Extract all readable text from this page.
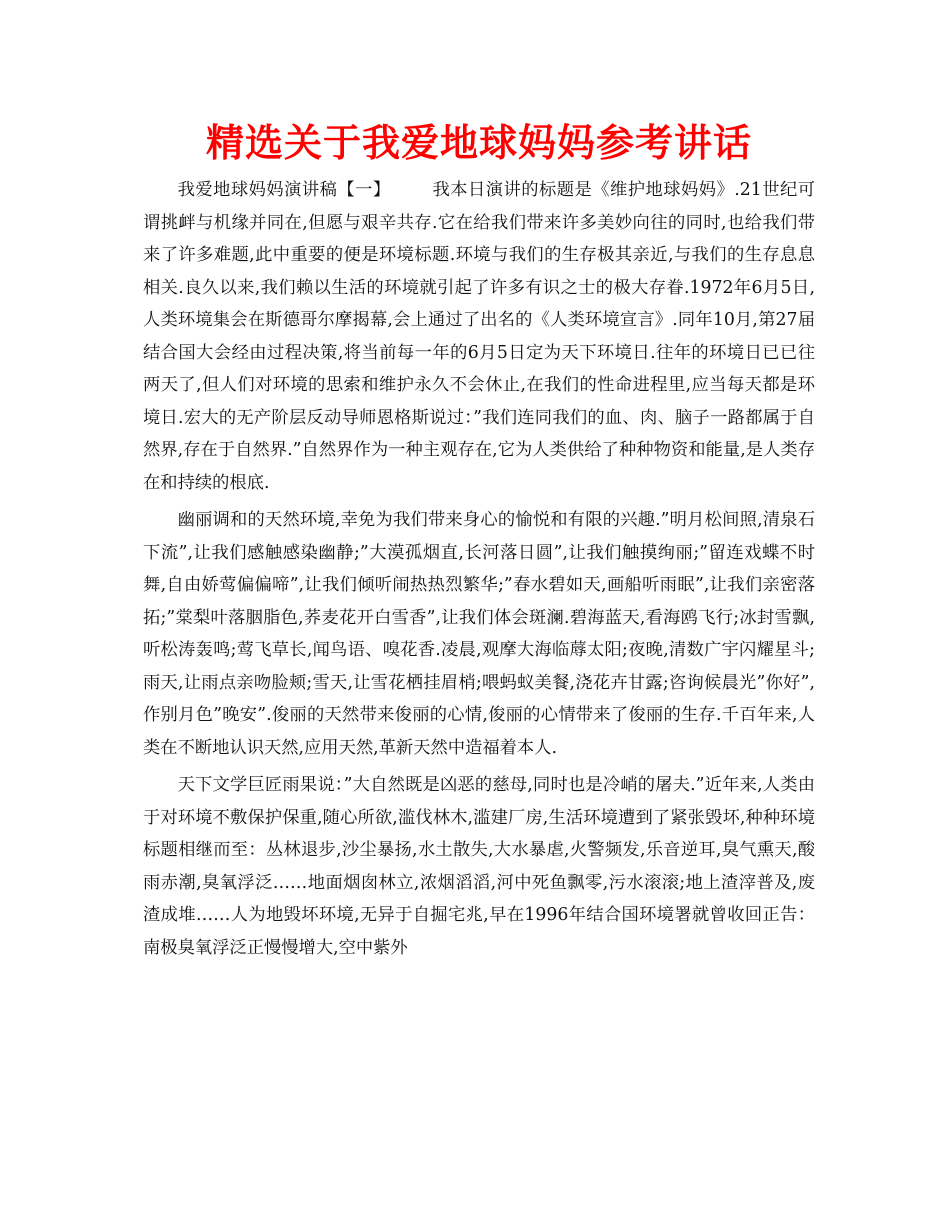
精选关于我爱地球妈妈参考讲话

我爱地球妈妈演讲稿【一】 我本日演讲的标题是《维护地球妈妈》.21世纪可谓挑衅与机缘并同在,但愿与艰辛共存.它在给我们带来许多美妙向往的同时,也给我们带来了许多难题,此中重要的便是环境标题.环境与我们的生存极其亲近,与我们的生存息息相关.良久以来,我们赖以生活的环境就引起了许多有识之士的极大存眷.1972年6月5日,人类环境集会在斯德哥尔摩揭幕,会上通过了出名的《人类环境宣言》.同年10月,第27届结合国大会经由过程决策,将当前每一年的6月5日定为天下环境日.往年的环境日已已往两天了,但人们对环境的思索和维护永久不会休止,在我们的性命进程里,应当每天都是环境日.宏大的无产阶层反动导师恩格斯说过：”我们连同我们的血、肉、脑子一路都属于自然界,存在于自然界.”自然界作为一种主观存在,它为人类供给了种种物资和能量,是人类存在和持续的根底.

幽丽调和的天然环境,幸免为我们带来身心的愉悦和有限的兴趣.”明月松间照,清泉石下流”,让我们感触感染幽静;”大漠孤烟直,长河落日圆”,让我们触摸绚丽;”留连戏蝶不时舞,自由娇莺偏偏啼”,让我们倾听闹热热烈繁华;”春水碧如天,画船听雨眠”,让我们亲密落拓;”棠梨叶落胭脂色,荞麦花开白雪香”,让我们体会斑澜.碧海蓝天,看海鸥飞行;冰封雪飘,听松涛轰鸣;莺飞草长,闻鸟语、嗅花香.凌晨,观摩大海临蓐太阳;夜晚,清数广宇闪耀星斗;雨天,让雨点亲吻脸颊;雪天,让雪花栖挂眉梢;喂蚂蚁美餐,浇花卉甘露;咨询候晨光”你好”,作别月色”晚安”.俊丽的天然带来俊丽的心情,俊丽的心情带来了俊丽的生存.千百年来,人类在不断地认识天然,应用天然,革新天然中造福着本人.

天下文学巨匠雨果说：”大自然既是凶恶的慈母,同时也是冷峭的屠夫.”近年来,人类由于对环境不敷保护保重,随心所欲,滥伐林木,滥建厂房,生活环境遭到了紧张毁坏,种种环境标题相继而至：丛林退步,沙尘暴扬,水土散失,大水暴虐,火警频发,乐音逆耳,臭气熏天,酸雨赤潮,臭氧浮泛……地面烟囱林立,浓烟滔滔,河中死鱼飘零,污水滚滚;地上渣滓普及,废渣成堆……人为地毁坏环境,无异于自掘宅兆,早在1996年结合国环境署就曾收回正告：南极臭氧浮泛正慢慢增大,空中紫外
